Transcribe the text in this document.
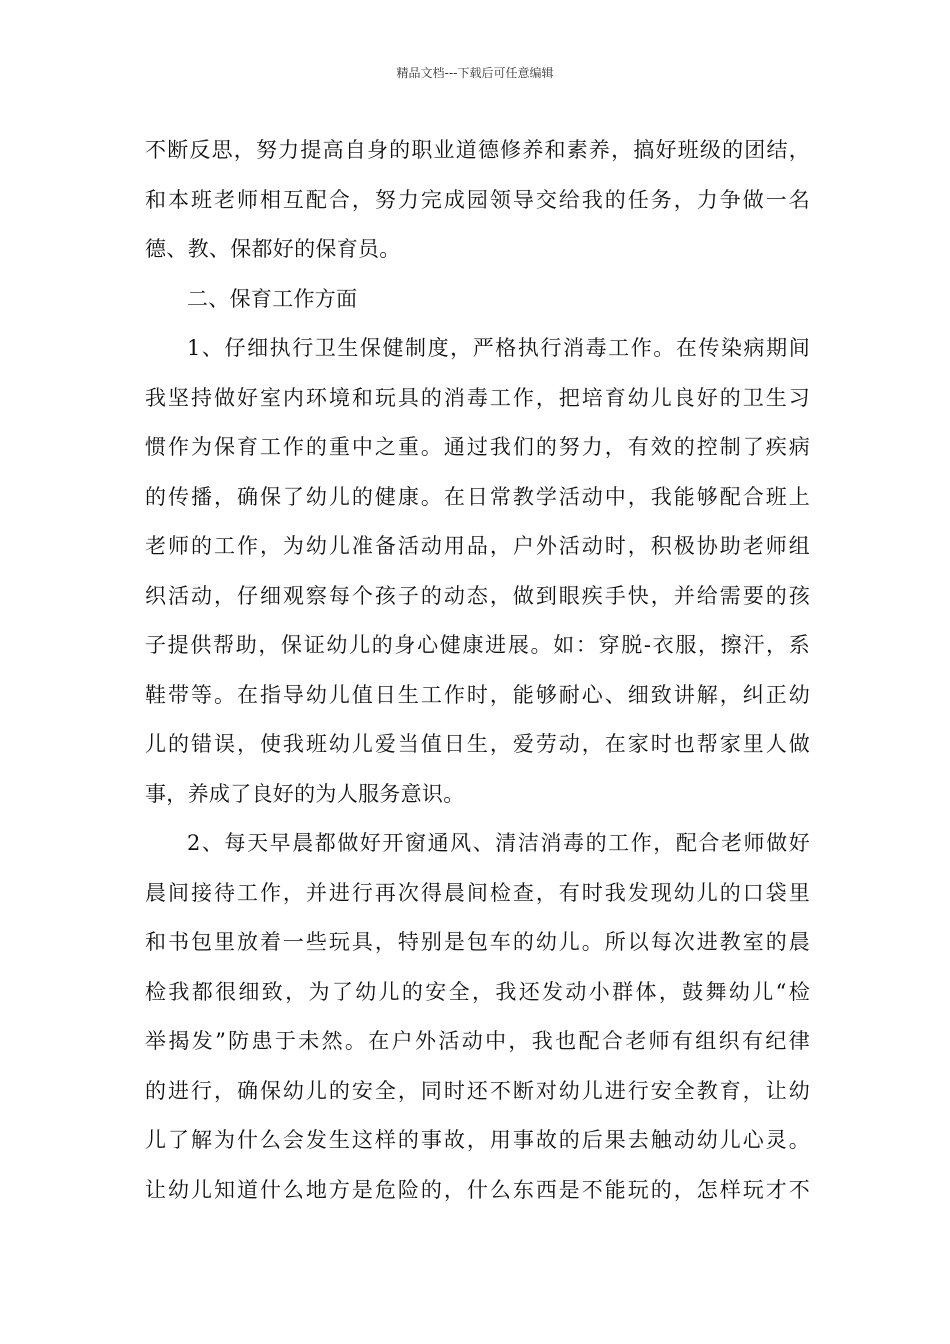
精品文档---下载后可任意编辑
不断反思，努力提高自身的职业道德修养和素养，搞好班级的团结，
和本班老师相互配合，努力完成园领导交给我的任务，力争做一名
德、教、保都好的保育员。
二、保育工作方面
1、仔细执行卫生保健制度，严格执行消毒工作。在传染病期间
我坚持做好室内环境和玩具的消毒工作，把培育幼儿良好的卫生习
惯作为保育工作的重中之重。通过我们的努力，有效的控制了疾病
的传播，确保了幼儿的健康。在日常教学活动中，我能够配合班上
老师的工作，为幼儿准备活动用品，户外活动时，积极协助老师组
织活动，仔细观察每个孩子的动态，做到眼疾手快，并给需要的孩
子提供帮助，保证幼儿的身心健康进展。如：穿脱-衣服，擦汗，系
鞋带等。在指导幼儿值日生工作时，能够耐心、细致讲解，纠正幼
儿的错误，使我班幼儿爱当值日生，爱劳动，在家时也帮家里人做
事，养成了良好的为人服务意识。
2、每天早晨都做好开窗通风、清洁消毒的工作，配合老师做好
晨间接待工作，并进行再次得晨间检查，有时我发现幼儿的口袋里
和书包里放着一些玩具，特别是包车的幼儿。所以每次进教室的晨
检我都很细致，为了幼儿的安全，我还发动小群体，鼓舞幼儿“检
举揭发”防患于未然。在户外活动中，我也配合老师有组织有纪律
的进行，确保幼儿的安全，同时还不断对幼儿进行安全教育，让幼
儿了解为什么会发生这样的事故，用事故的后果去触动幼儿心灵。
让幼儿知道什么地方是危险的，什么东西是不能玩的，怎样玩才不
